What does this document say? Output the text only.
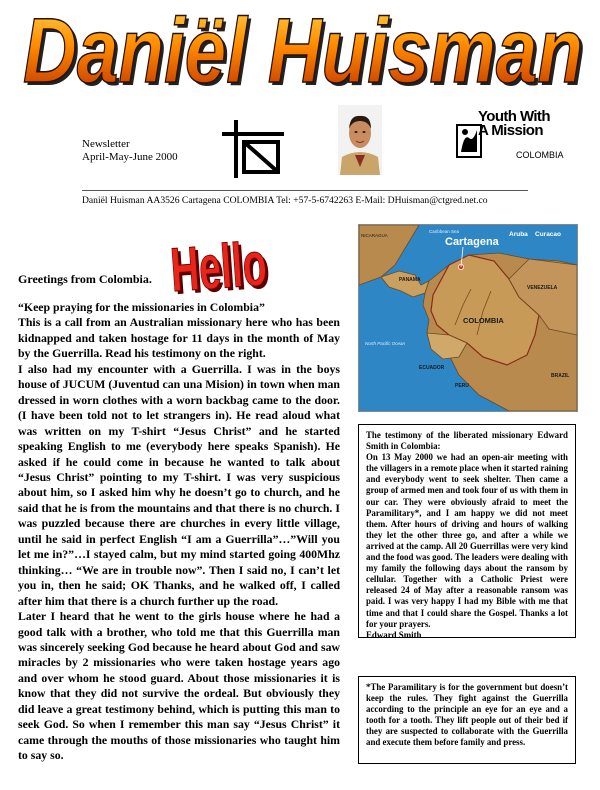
Daniël Huisman
Daniël Huisman
Newsletter
April-May-June 2000
Youth With
A Mission
COLOMBIA
Daniël Huisman AA3526 Cartagena COLOMBIA Tel: +57-5-6742263 E-Mail: DHuisman@ctgred.net.co
Hello
Hello
Greetings from Colombia.

“Keep praying for the missionaries in Colombia”

This is a call from an Australian missionary here who has been kidnapped and taken hostage for 11 days in the month of May by the Guerrilla. Read his testimony on the right.

I also had my encounter with a Guerrilla. I was in the boys house of JUCUM (Juventud can una Mision) in town when man dressed in worn clothes with a worn backbag came to the door. (I have been told not to let strangers in). He read aloud what was written on my T-shirt “Jesus Christ” and he started speaking English to me (everybody here speaks Spanish). He asked if he could come in because he wanted to talk about “Jesus Christ” pointing to my T-shirt. I was very suspicious about him, so I asked him why he doesn’t go to church, and he said that he is from the mountains and that there is no church. I was puzzled because there are churches in every little village, until he said in perfect English “I am a Guerrilla”…”Will you let me in?”…I stayed calm, but my mind started going 400Mhz thinking… “We are in trouble now”. Then I said no, I can’t let you in, then he said; OK Thanks, and he walked off, I called after him that there is a church further up the road.

Later I heard that he went to the girls house where he had a good talk with a brother, who told me that this Guerrilla man was sincerely seeking God because he heard about God and saw miracles by 2 missionaries who were taken hostage years ago and over whom he stood guard. About those missionaries it is know that they did not survive the ordeal. But obviously they did leave a great testimony behind, which is putting this man to seek God. So when I remember this man say “Jesus Christ” it came through the mouths of those missionaries who taught him to say so.

Cartagena
Aruba Curacao
Caribbean Sea
NICARAGUA
PANAMA
VENEZUELA
COLOMBIA
ECUADOR
PERU
BRAZIL
North Pacific Ocean

The testimony of the liberated missionary Edward Smith in Colombia:

On 13 May 2000 we had an open-air meeting with the villagers in a remote place when it started raining and everybody went to seek shelter. Then came a group of armed men and took four of us with them in our car. They were obviously afraid to meet the Paramilitary*, and I am happy we did not meet them. After hours of driving and hours of walking they let the other three go, and after a while we arrived at the camp. All 20 Guerrillas were very kind and the food was good. The leaders were dealing with my family the following days about the ransom by cellular. Together with a Catholic Priest were released 24 of May after a reasonable ransom was paid. I was very happy I had my Bible with me that time and that I could share the Gospel. Thanks a lot for your prayers.

Edward Smith

*The Paramilitary is for the government but doesn’t keep the rules. They fight against the Guerrilla according to the principle an eye for an eye and a tooth for a tooth. They lift people out of their bed if they are suspected to collaborate with the Guerrilla and execute them before family and press.
